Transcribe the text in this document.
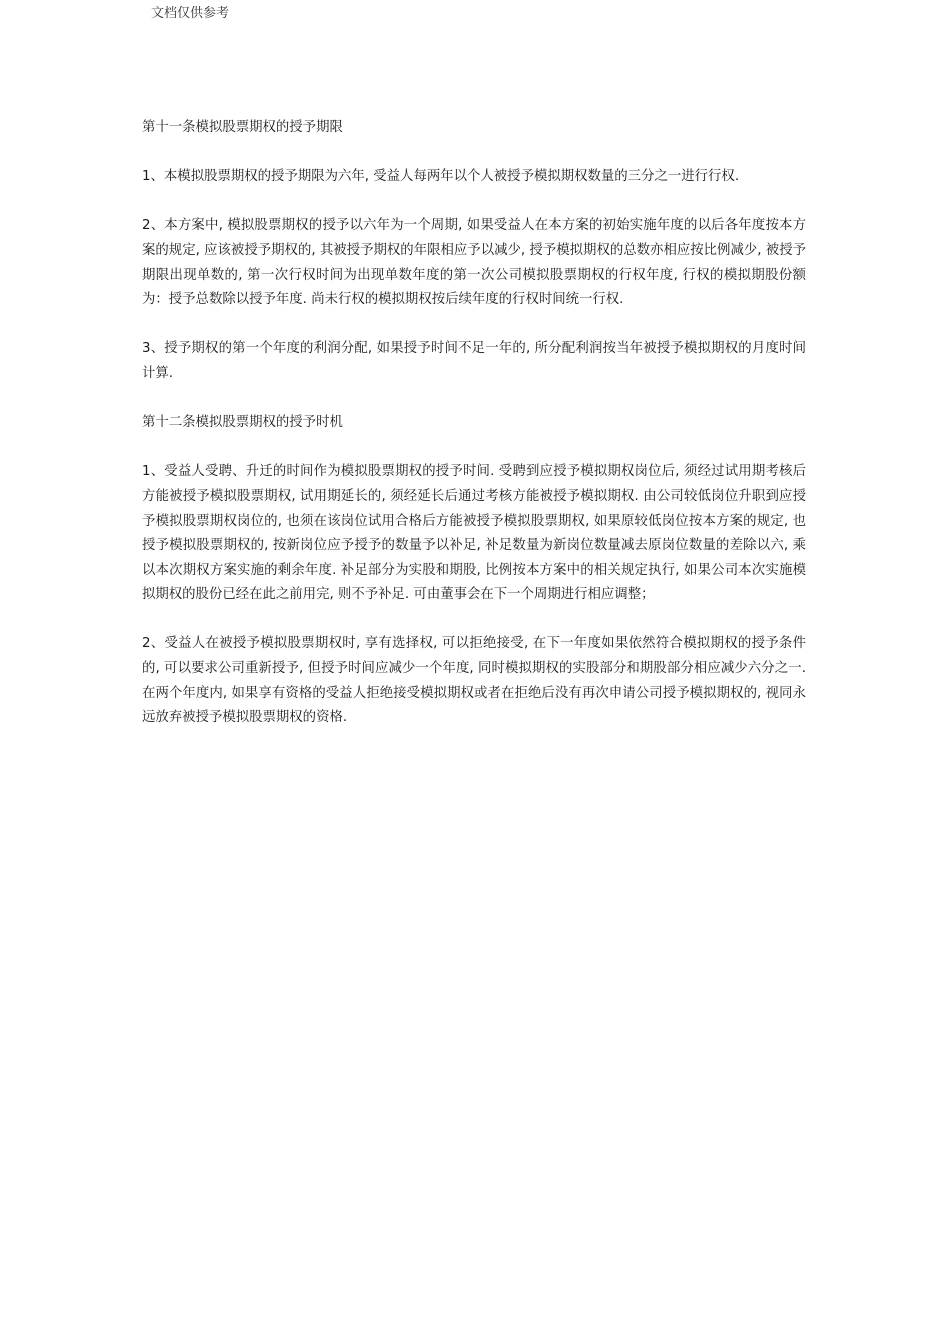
文档仅供参考

第十一条模拟股票期权的授予期限

1、本模拟股票期权的授予期限为六年, 受益人每两年以个人被授予模拟期权数量的三分之一进行行权.

2、本方案中, 模拟股票期权的授予以六年为一个周期, 如果受益人在本方案的初始实施年度的以后各年度按本方案的规定, 应该被授予期权的, 其被授予期权的年限相应予以减少, 授予模拟期权的总数亦相应按比例减少, 被授予期限出现单数的, 第一次行权时间为出现单数年度的第一次公司模拟股票期权的行权年度, 行权的模拟期股份额为：授予总数除以授予年度. 尚未行权的模拟期权按后续年度的行权时间统一行权.

3、授予期权的第一个年度的利润分配, 如果授予时间不足一年的, 所分配利润按当年被授予模拟期权的月度时间计算.

第十二条模拟股票期权的授予时机

1、受益人受聘、升迁的时间作为模拟股票期权的授予时间. 受聘到应授予模拟期权岗位后, 须经过试用期考核后方能被授予模拟股票期权, 试用期延长的, 须经延长后通过考核方能被授予模拟期权. 由公司较低岗位升职到应授予模拟股票期权岗位的, 也须在该岗位试用合格后方能被授予模拟股票期权, 如果原较低岗位按本方案的规定, 也授予模拟股票期权的, 按新岗位应予授予的数量予以补足, 补足数量为新岗位数量减去原岗位数量的差除以六, 乘以本次期权方案实施的剩余年度. 补足部分为实股和期股, 比例按本方案中的相关规定执行, 如果公司本次实施模拟期权的股份已经在此之前用完, 则不予补足. 可由董事会在下一个周期进行相应调整；

2、受益人在被授予模拟股票期权时, 享有选择权, 可以拒绝接受, 在下一年度如果依然符合模拟期权的授予条件的, 可以要求公司重新授予, 但授予时间应减少一个年度, 同时模拟期权的实股部分和期股部分相应减少六分之一. 在两个年度内, 如果享有资格的受益人拒绝接受模拟期权或者在拒绝后没有再次申请公司授予模拟期权的, 视同永远放弃被授予模拟股票期权的资格.
